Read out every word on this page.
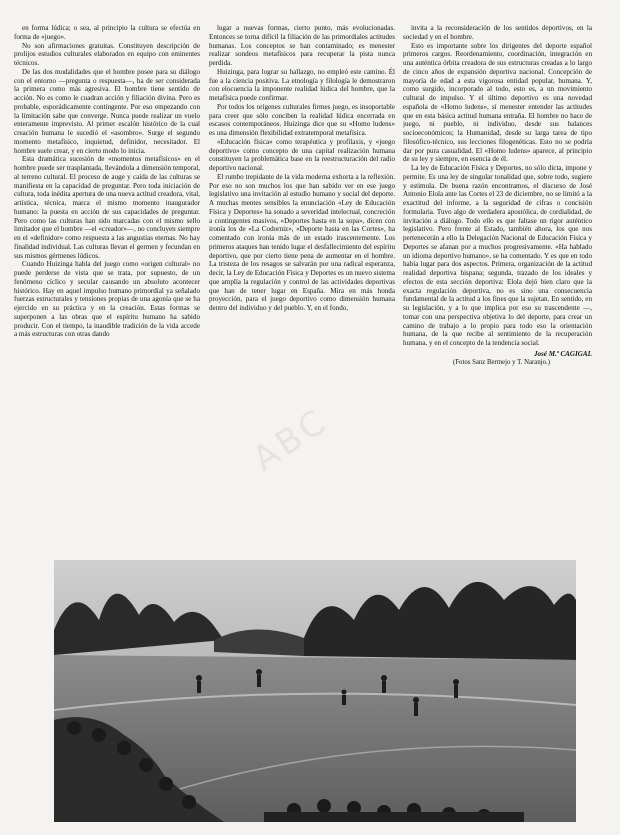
en forma lúdica; o sea, al principio la cultura se efectúa en forma de «juego».

No son afirmaciones gratuitas. Constituyen descripción de prolijos estudios culturales elaborados en equipo con eminentes técnicos.

De las dos modalidades que el hombre posee para su diálogo con el entorno —pregunta o respuesta—, ha de ser considerada la primera como más agresiva. El hombre tiene sentido de acción. No es como le cuadran acción y filiación divina. Pero es probable, esporádicamente contingente. Por eso empezando con la limitación sabe que converge. Nunca puede realizar un vuelo enteramente imprevisto. Al primer escalón histórico de la cual creación humana le sucedió el «asombro». Surge el segundo momento metafísico, inquietud, definidor, necesitador. El hombre suele crear, y en cierto modo lo inicia.

Esta dramática sucesión de «momentos metafísicos» en el hombre puede ser trasplantada, llevándola a dimensión temporal, al terreno cultural. El proceso de auge y caída de las culturas se manifiesta en la capacidad de preguntar. Pero toda iniciación de cultura, toda inédita apertura de una nueva actitud creadora, vital, artística, técnica, marca el mismo momento inaugurador humano: la puesta en acción de sus capacidades de preguntar. Pero como las culturas han sido marcadas con el mismo sello limitador que el hombre —el «creador»—, no concluyen siempre en el «definidor» como respuesta a las angustias eternas. No hay finalidad individual. Las culturas llevan el germen y fecundan en sus mismos gérmenes lúdicos.

Cuando Huizinga habla del juego como «origen cultural» no puede perderse de vista que se trata, por supuesto, de un fenómeno cíclico y secular causando un absoluto acontecer histórico. Hay en aquel impulso humano primordial ya señalado fuerzas estructurales y tensiones propias de una agonía que se ha ejercido en su práctica y en la creación. Estas formas se superponen a las obras que el espíritu humano ha sabido producir. Con el tiempo, la inaudible tradición de la vida accede a más estructuras con otras dando

lugar a nuevas formas, cierto punto, más evolucionadas. Entonces se torna difícil la filiación de las primordiales actitudes humanas. Los conceptos se han contaminado; es menester realizar sondeos metafísicos para recuperar la pista nunca perdida.

Huizinga, para lograr su hallazgo, no empleó este camino. Él fue a la ciencia positiva. La etnología y filología le demostraron con elocuencia la imponente realidad lúdica del hombre, que la metafísica puede confirmar.

Por todos los orígenes culturales firmes juego, es insoportable para creer que sólo conciben la realidad lúdica encerrada en escasos contemporáneos. Huizinga dice que su «Homo ludens» es una dimensión flexibilidad extratemporal metafísica.

«Educación física» como terapéutica y profilaxis, y «juego deportivo» como concepto de una capital realización humana constituyen la problemática base en la reestructuración del radio deportivo nacional.

El rumbo trepidante de la vida moderna exhorta a la reflexión. Por eso no son muchos los que han sabido ver en ese juego legislativo una invitación al estudio humano y social del deporte. A muchas mentes sensibles la enunciación «Ley de Educación Física y Deportes» ha sonado a severidad intelectual, concreción a contingentes masivos, «Deportes hasta en la sopa», dicen con ironía los de «La Codorniz», «Deporte hasta en las Cortes», ha comentado con ironía más de un estado irascentemente. Los primeros ataques han tenido lugar el desfallecimiento del espíritu deportivo, que por cierto tiene pena de aumentar en el hombre. La tristeza de los resagos se salvarán por una radical esperanza, decir, la Ley de Educación Física y Deportes es un nuevo sistema que amplía la regulación y control de las actividades deportivas que han de tener lugar en España. Mira en más honda proyección, para el juego deportivo como dimensión humana dentro del individuo y del pueblo. Y, en el fondo,

invita a la reconsideración de los sentidos deportivos, en la sociedad y en el hombre.

Esto es importante sobre los dirigentes del deporte español primeros cargos. Reordenamiento, coordinación, integración en una auténtica órbita creadora de sus estructuras creadas a lo largo de cinco años de expansión deportiva nacional. Concepción de mayoría de edad a esta vigorosa entidad popular, humana. Y, como surgido, incorporado al todo, esto es, a un movimiento cultural de impulso. Y el último deportivo es una novedad española de «Homo ludens», sí menester entender las actitudes que en esta básica actitud humana entraña. El hombre no hace de juego, ni pueblo, ni individuo, desde sus balances socioeconómicos; la Humanidad, desde su larga tarea de tipo filosófico-técnico, sus lecciones filogenéticas. Esto no se podría dar por pura casualidad. El «Homo ludens» aparece, al principio de su ley y siempre, en esencia de él.

La ley de Educación Física y Deportes, no sólo dicta, impone y permite. Es una ley de singular tonalidad que, sobre todo, sugiere y estimula. De buena razón encontramos, el discurso de José Antonio Elola ante las Cortes el 23 de diciembre, no se limitó a la exactitud del informe, a la seguridad de cifras o concisión formularia. Tuvo algo de verdadera apostólica, de cordialidad, de invitación a diálogo. Todo ello es que faltase un rigor auténtico legislativo. Pero frente al Estado, también ahora, los que nos pertenecerán a ello la Delegación Nacional de Educación Física y Deportes se afanan por a muchos progresivamente. «Ha hablado un idioma deportivo humano», se ha comentado. Y es que en todo había lugar para dos aspectos. Primera, organización de la actitud realidad deportiva hispana; segunda, trazado de los ideales y efectos de esta sección deportiva: Elola dejó bien claro que la exacta regulación deportiva, no es sino una consecuencia fundamental de la actitud a los fines que la sujetan. En sentido, en su legislación, y a lo que implica por eso su trascendente —, tomar con una perspectiva objetiva lo del deporte, para crear un camino de trabajo a lo propio para todo eso la orientación humana, de la que recibe al sentimiento de la recuperación humana, y en el concepto de la tendencia social.

José M.ª CAGIGAL

(Fotos Sanz Bermejo y T. Naranjo.)

ABC
